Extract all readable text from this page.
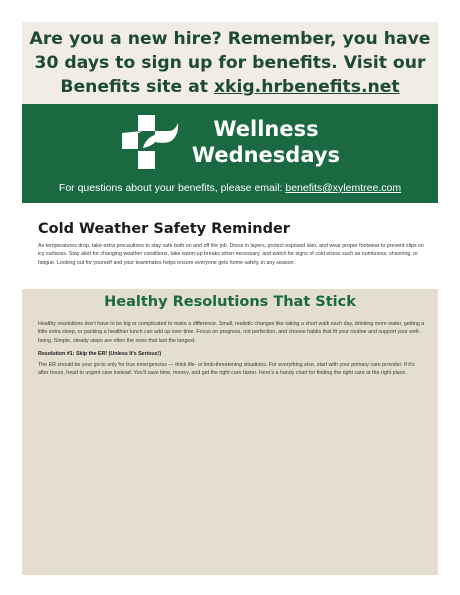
Are you a new hire? Remember, you have
30 days to sign up for benefits. Visit our
Benefits site at xkig.hrbenefits.net

Wellness
Wednesdays
For questions about your benefits, please email: benefits@xylemtree.com
Cold Weather Safety Reminder

As temperatures drop, take extra precautions to stay safe both on and off the job. Dress in layers, protect exposed skin, and wear proper footwear to prevent slips on icy surfaces. Stay alert for changing weather conditions, take warm-up breaks when necessary, and watch for signs of cold stress such as numbness, shivering, or fatigue. Looking out for yourself and your teammates helps ensure everyone gets home safely, in any season.

Healthy Resolutions That Stick

Healthy resolutions don't have to be big or complicated to make a difference. Small, realistic changes like taking a short walk each day, drinking more water, getting a little extra sleep, or packing a healthier lunch can add up over time. Focus on progress, not perfection, and choose habits that fit your routine and support your well-being. Simple, steady steps are often the ones that last the longest.

Resolution #1: Skip the ER! (Unless It's Serious!)

The ER should be your go-to only for true emergencies — think life- or limb-threatening situations. For everything else, start with your primary care provider. If it's after hours, head to urgent care instead. You'll save time, money, and get the right care faster. Here's a handy chart for finding the right care at the right place.
